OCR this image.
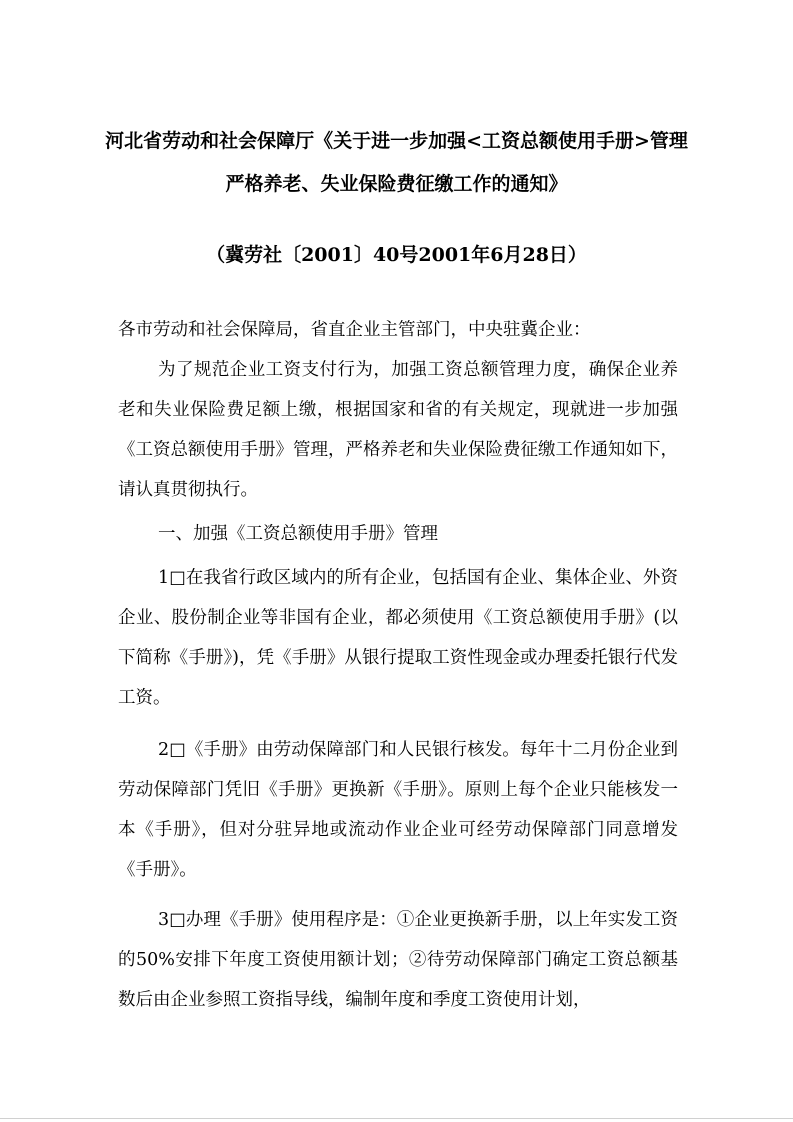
河北省劳动和社会保障厅《关于进一步加强<工资总额使用手册>管理
严格养老、失业保险费征缴工作的通知》
（冀劳社〔2001〕40号2001年6月28日）
各市劳动和社会保障局，省直企业主管部门，中央驻冀企业：
为了规范企业工资支付行为，加强工资总额管理力度，确保企业养老和失业保险费足额上缴，根据国家和省的有关规定，现就进一步加强《工资总额使用手册》管理，严格养老和失业保险费征缴工作通知如下，请认真贯彻执行。
一、加强《工资总额使用手册》管理
1□在我省行政区域内的所有企业，包括国有企业、集体企业、外资企业、股份制企业等非国有企业，都必须使用《工资总额使用手册》(以下简称《手册》)，凭《手册》从银行提取工资性现金或办理委托银行代发工资。
2□《手册》由劳动保障部门和人民银行核发。每年十二月份企业到劳动保障部门凭旧《手册》更换新《手册》。原则上每个企业只能核发一本《手册》，但对分驻异地或流动作业企业可经劳动保障部门同意增发《手册》。
3□办理《手册》使用程序是：①企业更换新手册，以上年实发工资的50%安排下年度工资使用额计划；②待劳动保障部门确定工资总额基数后由企业参照工资指导线，编制年度和季度工资使用计划，
